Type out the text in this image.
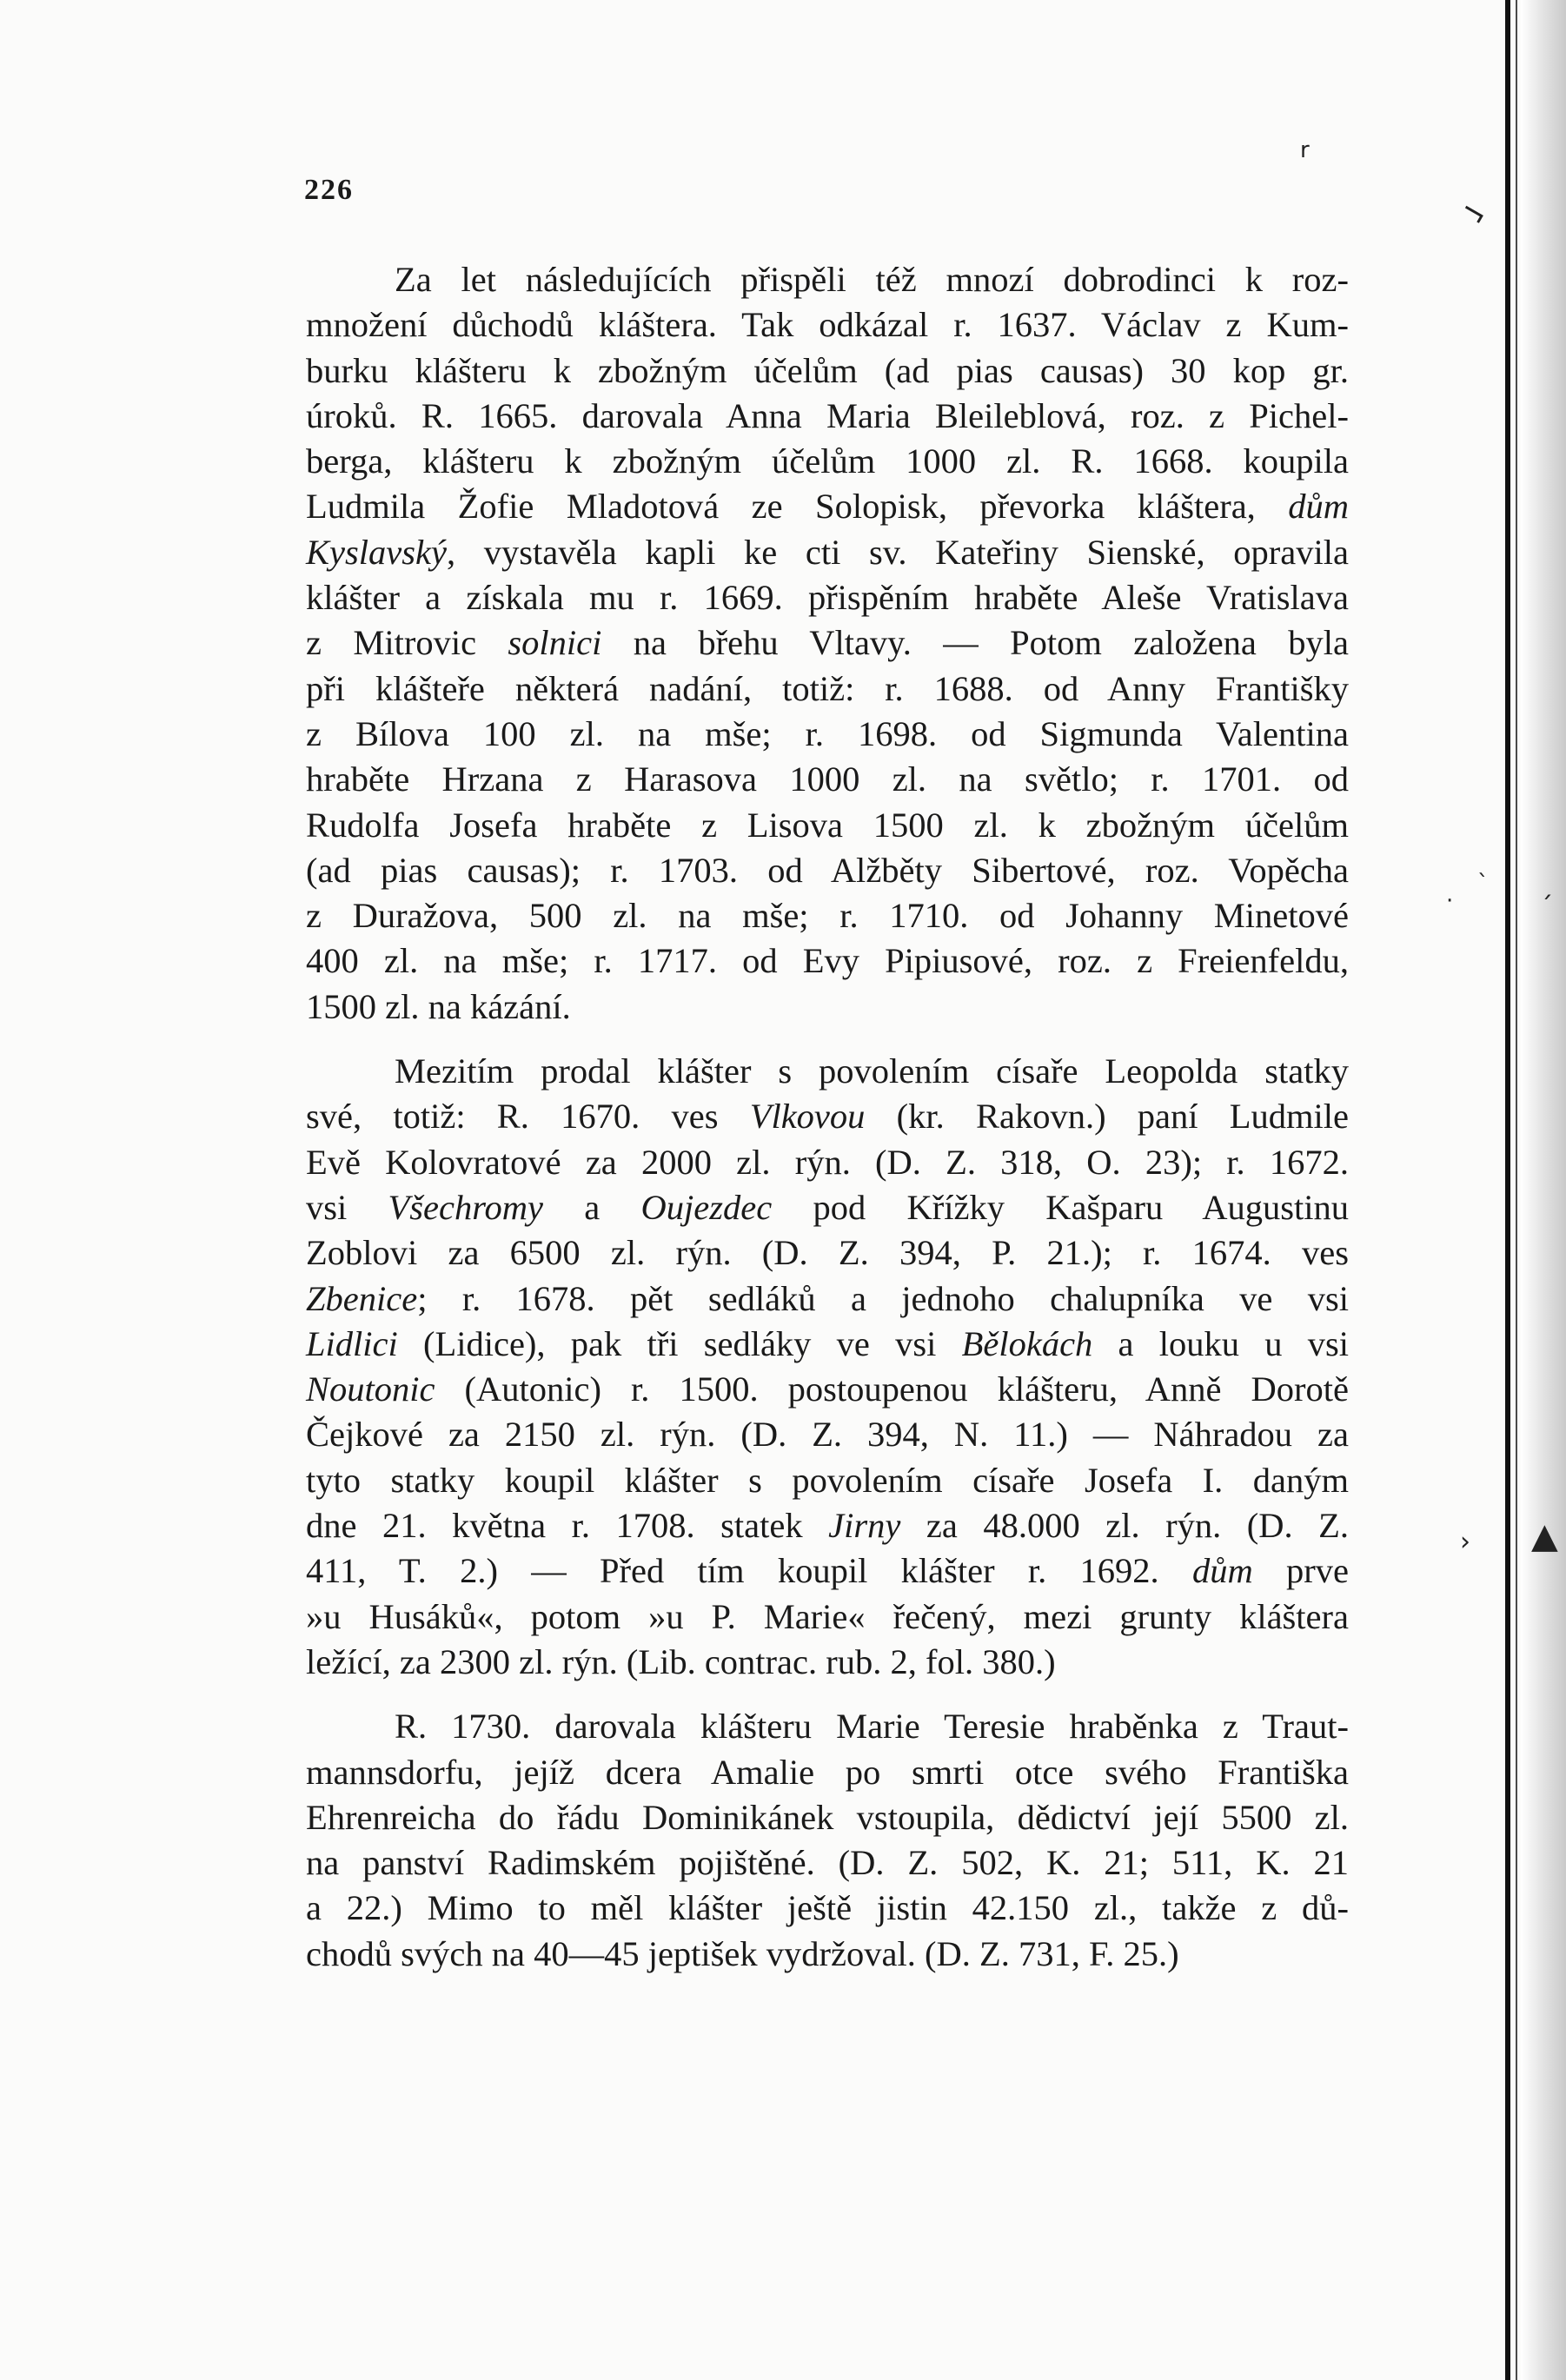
r
¬
·
` ˏ
▲
›
226
Za let následujících přispěli též mnozí dobrodinci k roz-
množení důchodů kláštera. Tak odkázal r. 1637. Václav z Kum-
burku klášteru k zbožným účelům (ad pias causas) 30 kop gr.
úroků. R. 1665. darovala Anna Maria Bleileblová, roz. z Pichel-
berga, klášteru k zbožným účelům 1000 zl. R. 1668. koupila
Ludmila Žofie Mladotová ze Solopisk, převorka kláštera, dům
Kyslavský, vystavěla kapli ke cti sv. Kateřiny Sienské, opravila
klášter a získala mu r. 1669. přispěním hraběte Aleše Vratislava
z Mitrovic solnici na břehu Vltavy. — Potom založena byla
při klášteře některá nadání, totiž: r. 1688. od Anny Františky
z Bílova 100 zl. na mše; r. 1698. od Sigmunda Valentina
hraběte Hrzana z Harasova 1000 zl. na světlo; r. 1701. od
Rudolfa Josefa hraběte z Lisova 1500 zl. k zbožným účelům
(ad pias causas); r. 1703. od Alžběty Sibertové, roz. Vopěcha
z Duražova, 500 zl. na mše; r. 1710. od Johanny Minetové
400 zl. na mše; r. 1717. od Evy Pipiusové, roz. z Freienfeldu,
1500 zl. na kázání.
Mezitím prodal klášter s povolením císaře Leopolda statky
své, totiž: R. 1670. ves Vlkovou (kr. Rakovn.) paní Ludmile
Evě Kolovratové za 2000 zl. rýn. (D. Z. 318, O. 23); r. 1672.
vsi Všechromy a Oujezdec pod Křížky Kašparu Augustinu
Zoblovi za 6500 zl. rýn. (D. Z. 394, P. 21.); r. 1674. ves
Zbenice; r. 1678. pět sedláků a jednoho chalupníka ve vsi
Lidlici (Lidice), pak tři sedláky ve vsi Bělokách a louku u vsi
Noutonic (Autonic) r. 1500. postoupenou klášteru, Anně Dorotě
Čejkové za 2150 zl. rýn. (D. Z. 394, N. 11.) — Náhradou za
tyto statky koupil klášter s povolením císaře Josefa I. daným
dne 21. května r. 1708. statek Jirny za 48.000 zl. rýn. (D. Z.
411, T. 2.) — Před tím koupil klášter r. 1692. dům prve
»u Husáků«, potom »u P. Marie« řečený, mezi grunty kláštera
ležící, za 2300 zl. rýn. (Lib. contrac. rub. 2, fol. 380.)
R. 1730. darovala klášteru Marie Teresie hraběnka z Traut-
mannsdorfu, jejíž dcera Amalie po smrti otce svého Františka
Ehrenreicha do řádu Dominikánek vstoupila, dědictví její 5500 zl.
na panství Radimském pojištěné. (D. Z. 502, K. 21; 511, K. 21
a 22.) Mimo to měl klášter ještě jistin 42.150 zl., takže z dů-
chodů svých na 40—45 jeptišek vydržoval. (D. Z. 731, F. 25.)
